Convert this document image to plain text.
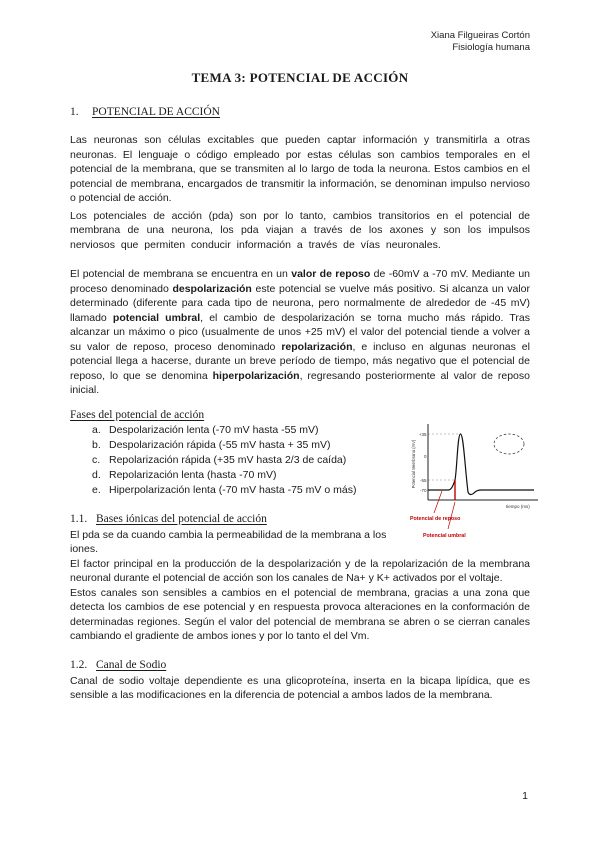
Xiana Filgueiras Cortón
Fisiología humana
TEMA 3: POTENCIAL DE ACCIÓN
1. POTENCIAL DE ACCIÓN

Las neuronas son células excitables que pueden captar información y transmitirla a otras neuronas. El lenguaje o código empleado por estas células son cambios temporales en el potencial de la membrana, que se transmiten al lo largo de toda la neurona. Estos cambios en el potencial de membrana, encargados de transmitir la información, se denominan impulso nervioso o potencial de acción.

Los potenciales de acción (pda) son por lo tanto, cambios transitorios en el potencial de membrana de una neurona, los pda viajan a través de los axones y son los impulsos nerviosos que permiten conducir información a través de vías neuronales.

El potencial de membrana se encuentra en un valor de reposo de -60mV a -70 mV. Mediante un proceso denominado despolarización este potencial se vuelve más positivo. Si alcanza un valor determinado (diferente para cada tipo de neurona, pero normalmente de alrededor de -45 mV) llamado potencial umbral, el cambio de despolarización se torna mucho más rápido. Tras alcanzar un máximo o pico (usualmente de unos +25 mV) el valor del potencial tiende a volver a su valor de reposo, proceso denominado repolarización, e incluso en algunas neuronas el potencial llega a hacerse, durante un breve período de tiempo, más negativo que el potencial de reposo, lo que se denomina hiperpolarización, regresando posteriormente al valor de reposo inicial.

Fases del potencial de acción
a. Despolarización lenta (-70 mV hasta -55 mV)
b. Despolarización rápida (-55 mV hasta + 35 mV)
c. Repolarización rápida (+35 mV hasta 2/3 de caída)
d. Repolarización lenta (hasta -70 mV)
e. Hiperpolarización lenta (-70 mV hasta -75 mV o más)
Potencial Membrana (mV)
+35
0
-55
-70
tiempo (ms)
Potencial de reposo
Potencial umbral
1.1. Bases iónicas del potencial de acción

El pda se da cuando cambia la permeabilidad de la membrana a los iones.

El factor principal en la producción de la despolarización y de la repolarización de la membrana neuronal durante el potencial de acción son los canales de Na+ y K+ activados por el voltaje.

Estos canales son sensibles a cambios en el potencial de membrana, gracias a una zona que detecta los cambios de ese potencial y en respuesta provoca alteraciones en la conformación de determinadas regiones. Según el valor del potencial de membrana se abren o se cierran canales cambiando el gradiente de ambos iones y por lo tanto el del Vm.

1.2. Canal de Sodio

Canal de sodio voltaje dependiente es una glicoproteína, inserta en la bicapa lipídica, que es sensible a las modificaciones en la diferencia de potencial a ambos lados de la membrana.

1
